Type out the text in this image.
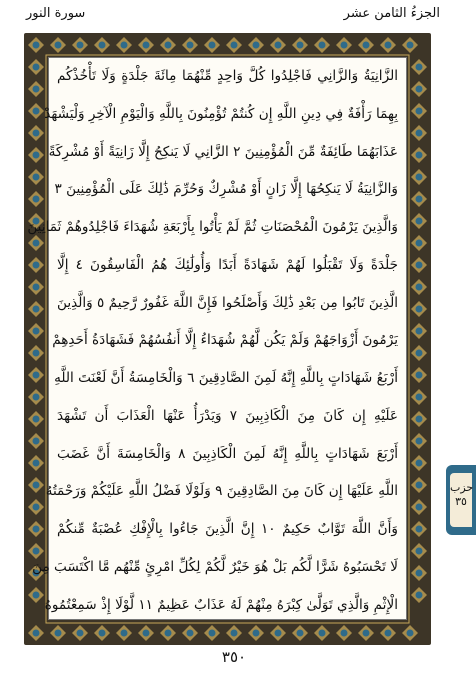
الجزءُ الثامن عشر
سورة النور
الزَّانِيَةُ وَالزَّانِي فَاجْلِدُوا كُلَّ وَاحِدٍ مِّنْهُمَا مِائَةَ جَلْدَةٍ وَلَا تَأْخُذْكُم
بِهِمَا رَأْفَةٌ فِي دِينِ اللَّهِ إِن كُنتُمْ تُؤْمِنُونَ بِاللَّهِ وَالْيَوْمِ الْآخِرِ وَلْيَشْهَدْ
عَذَابَهُمَا طَائِفَةٌ مِّنَ الْمُؤْمِنِينَ ٢ الزَّانِي لَا يَنكِحُ إِلَّا زَانِيَةً أَوْ مُشْرِكَةً
وَالزَّانِيَةُ لَا يَنكِحُهَا إِلَّا زَانٍ أَوْ مُشْرِكٌ وَحُرِّمَ ذَٰلِكَ عَلَى الْمُؤْمِنِينَ ٣
وَالَّذِينَ يَرْمُونَ الْمُحْصَنَاتِ ثُمَّ لَمْ يَأْتُوا بِأَرْبَعَةِ شُهَدَاءَ فَاجْلِدُوهُمْ ثَمَانِينَ
جَلْدَةً وَلَا تَقْبَلُوا لَهُمْ شَهَادَةً أَبَدًا وَأُولَٰئِكَ هُمُ الْفَاسِقُونَ ٤ إِلَّا
الَّذِينَ تَابُوا مِن بَعْدِ ذَٰلِكَ وَأَصْلَحُوا فَإِنَّ اللَّهَ غَفُورٌ رَّحِيمٌ ٥ وَالَّذِينَ
يَرْمُونَ أَزْوَاجَهُمْ وَلَمْ يَكُن لَّهُمْ شُهَدَاءُ إِلَّا أَنفُسُهُمْ فَشَهَادَةُ أَحَدِهِمْ
أَرْبَعُ شَهَادَاتٍ بِاللَّهِ إِنَّهُ لَمِنَ الصَّادِقِينَ ٦ وَالْخَامِسَةُ أَنَّ لَعْنَتَ اللَّهِ
عَلَيْهِ إِن كَانَ مِنَ الْكَاذِبِينَ ٧ وَيَدْرَأُ عَنْهَا الْعَذَابَ أَن تَشْهَدَ
أَرْبَعَ شَهَادَاتٍ بِاللَّهِ إِنَّهُ لَمِنَ الْكَاذِبِينَ ٨ وَالْخَامِسَةَ أَنَّ غَضَبَ
اللَّهِ عَلَيْهَا إِن كَانَ مِنَ الصَّادِقِينَ ٩ وَلَوْلَا فَضْلُ اللَّهِ عَلَيْكُمْ وَرَحْمَتُهُ
وَأَنَّ اللَّهَ تَوَّابٌ حَكِيمٌ ١٠ إِنَّ الَّذِينَ جَاءُوا بِالْإِفْكِ عُصْبَةٌ مِّنكُمْ
لَا تَحْسَبُوهُ شَرًّا لَّكُم بَلْ هُوَ خَيْرٌ لَّكُمْ لِكُلِّ امْرِئٍ مِّنْهُم مَّا اكْتَسَبَ مِنَ
الْإِثْمِ وَالَّذِي تَوَلَّىٰ كِبْرَهُ مِنْهُمْ لَهُ عَذَابٌ عَظِيمٌ ١١ لَّوْلَا إِذْ سَمِعْتُمُوهُ
٣٥٠
حزب
٣٥
